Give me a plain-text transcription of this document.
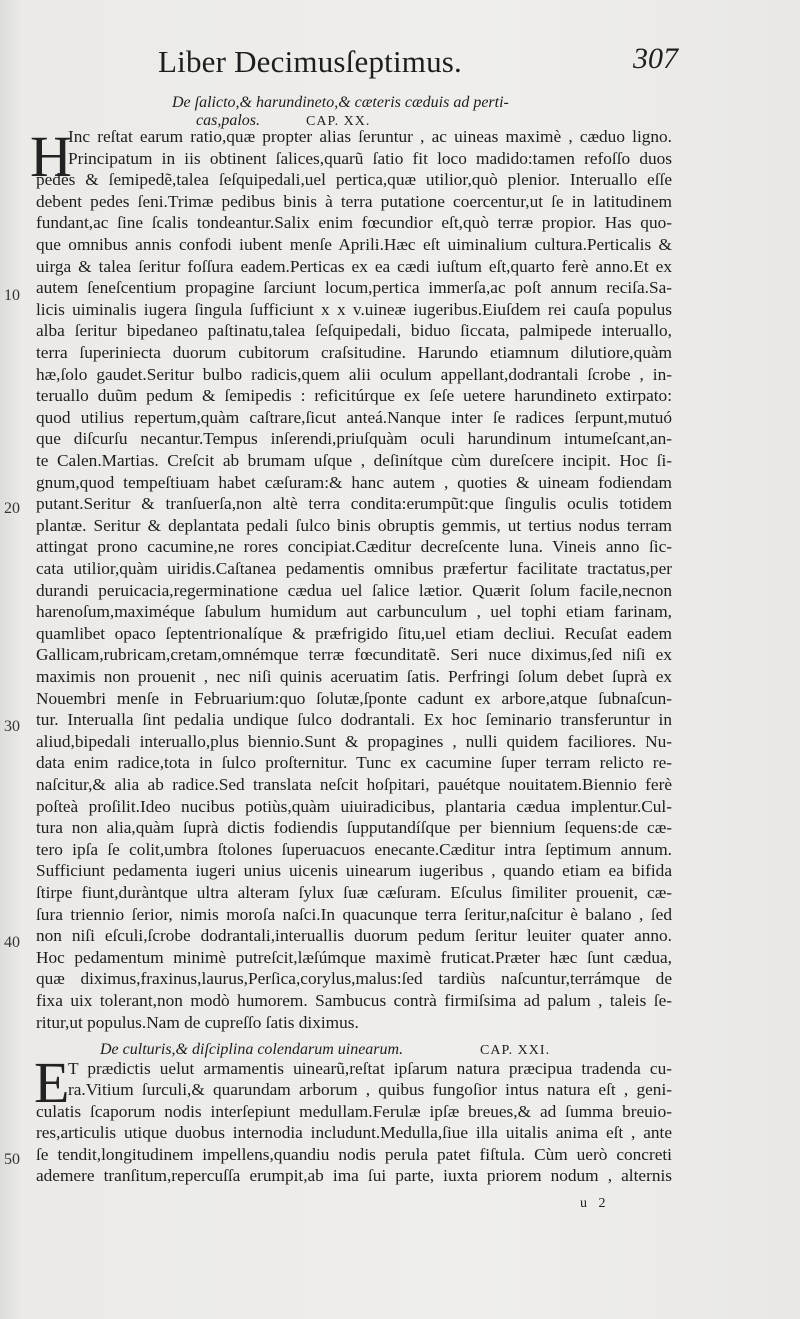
Liber Decimusſeptimus.	307
De ſalicto,& harundineto,& cæteris cæduis ad perti-
cas,palos.	CAP. XX.
H
Inc reſtat earum ratio,quæ propter alias ſeruntur , ac uineas maximè , cæduo ligno.
Principatum in iis obtinent ſalices,quarũ ſatio fit loco madido:tamen refoſſo duos
pedes & ſemipedẽ,talea ſeſquipedali,uel pertica,quæ utilior,quò plenior. Interuallo eſſe
debent pedes ſeni.Trimæ pedibus binis à terra putatione coercentur,ut ſe in latitudinem
fundant,ac ſine ſcalis tondeantur.Salix enim fœcundior eſt,quò terræ propior. Has quo-
que omnibus annis confodi iubent menſe Aprili.Hæc eſt uiminalium cultura.Perticalis &
uirga & talea ſeritur foſſura eadem.Perticas ex ea cædi iuſtum eſt,quarto ferè anno.Et ex
autem ſeneſcentium propagine ſarciunt locum,pertica immerſa,ac poſt annum reciſa.Sa-
licis uiminalis iugera ſingula ſufficiunt x x v.uineæ iugeribus.Eiuſdem rei cauſa populus
alba ſeritur bipedaneo paſtinatu,talea ſeſquipedali, biduo ſiccata, palmipede interuallo,
terra ſuperiniecta duorum cubitorum craſsitudine. Harundo etiamnum dilutiore,quàm
hæ,ſolo gaudet.Seritur bulbo radicis,quem alii oculum appellant,dodrantali ſcrobe , in-
teruallo duũm pedum & ſemipedis : reficitúrque ex ſeſe uetere harundineto extirpato:
quod utilius repertum,quàm caſtrare,ſicut anteá.Nanque inter ſe radices ſerpunt,mutuó
que diſcurſu necantur.Tempus inſerendi,priuſquàm oculi harundinum intumeſcant,an-
te Calen.Martias. Creſcit ab brumam uſque , deſinítque cùm dureſcere incipit. Hoc ſi-
gnum,quod tempeſtiuam habet cæſuram:& hanc autem , quoties & uineam fodiendam
putant.Seritur & tranſuerſa,non altè terra condita:erumpũt:que ſingulis oculis totidem
plantæ. Seritur & deplantata pedali ſulco binis obruptis gemmis, ut tertius nodus terram
attingat prono cacumine,ne rores concipiat.Cæditur decreſcente luna. Vineis anno ſic-
cata utilior,quàm uiridis.Caſtanea pedamentis omnibus præfertur facilitate tractatus,per
durandi peruicacia,regerminatione cædua uel ſalice lætior. Quærit ſolum facile,necnon
harenoſum,maximéque ſabulum humidum aut carbunculum , uel tophi etiam farinam,
quamlibet opaco ſeptentrionalíque & præfrigido ſitu,uel etiam decliui. Recuſat eadem
Gallicam,rubricam,cretam,omnémque terræ fœcunditatẽ. Seri nuce diximus,ſed niſi ex
maximis non prouenit , nec niſi quinis aceruatim ſatis. Perfringi ſolum debet ſuprà ex
Nouembri menſe in Februarium:quo ſolutæ,ſponte cadunt ex arbore,atque ſubnaſcun-
tur. Interualla ſint pedalia undique ſulco dodrantali. Ex hoc ſeminario transferuntur in
aliud,bipedali interuallo,plus biennio.Sunt & propagines , nulli quidem faciliores. Nu-
data enim radice,tota in ſulco proſternitur. Tunc ex cacumine ſuper terram relicto re-
naſcitur,& alia ab radice.Sed translata neſcit hoſpitari, pauétque nouitatem.Biennio ferè
poſteà proſilit.Ideo nucibus potiùs,quàm uiuiradicibus, plantaria cædua implentur.Cul-
tura non alia,quàm ſuprà dictis fodiendis ſupputandíſque per biennium ſequens:de cæ-
tero ipſa ſe colit,umbra ſtolones ſuperuacuos enecante.Cæditur intra ſeptimum annum.
Sufficiunt pedamenta iugeri unius uicenis uinearum iugeribus , quando etiam ea bifida
ſtirpe fiunt,duràntque ultra alteram ſylux ſuæ cæſuram. Eſculus ſimiliter prouenit, cæ-
ſura triennio ſerior, nimis moroſa naſci.In quacunque terra ſeritur,naſcitur è balano , ſed
non niſi eſculi,ſcrobe dodrantali,interuallis duorum pedum ſeritur leuiter quater anno.
Hoc pedamentum minimè putreſcit,læſúmque maximè fruticat.Præter hæc ſunt cædua,
quæ diximus,fraxinus,laurus,Perſica,corylus,malus:ſed tardiùs naſcuntur,terrámque de
fixa uix tolerant,non modò humorem. Sambucus contrà firmiſsima ad palum , taleis ſe-
ritur,ut populus.Nam de cupreſſo ſatis diximus.
T prædictis uelut armamentis uinearũ,reſtat ipſarum natura præcipua tradenda cu-
ra.Vitium ſurculi,& quarundam arborum , quibus fungoſior intus natura eſt , geni-
culatis ſcaporum nodis interſepiunt medullam.Ferulæ ipſæ breues,& ad ſumma breuio-
res,articulis utique duobus internodia includunt.Medulla,ſiue illa uitalis anima eſt , ante
ſe tendit,longitudinem impellens,quandiu nodis perula patet fiſtula. Cùm uerò concreti
ademere tranſitum,repercuſſa erumpit,ab ima ſui parte, iuxta priorem nodum , alternis
De culturis,& diſciplina colendarum uinearum.	CAP. XXI.
E
10
20
30
40
50
u 2
